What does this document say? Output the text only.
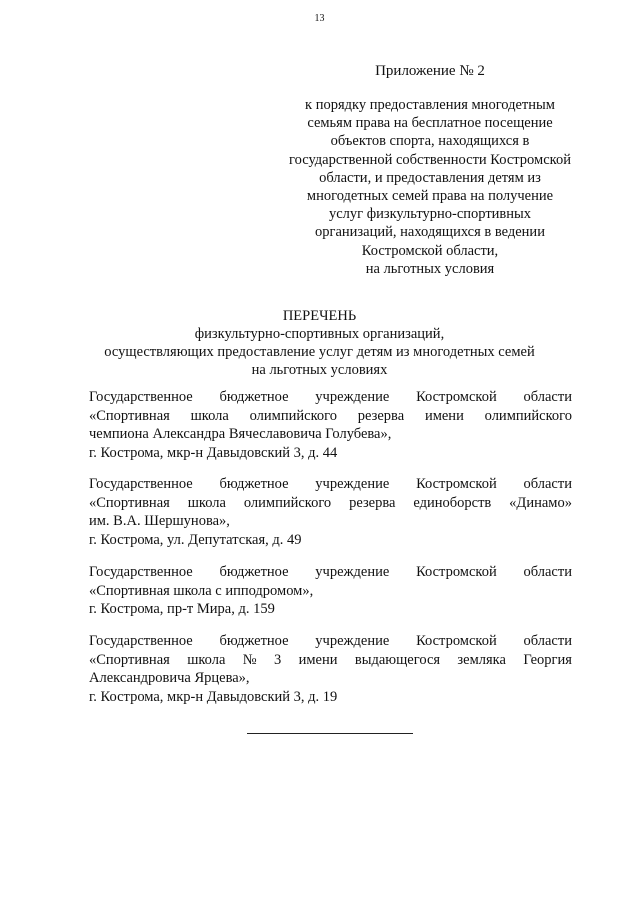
13
Приложение № 2
к порядку предоставления многодетным
семьям права на бесплатное посещение
объектов спорта, находящихся в
государственной собственности Костромской
области, и предоставления детям из
многодетных семей права на получение
услуг физкультурно-спортивных
организаций, находящихся в ведении
Костромской области,
на льготных условия
ПЕРЕЧЕНЬ
физкультурно-спортивных организаций,
осуществляющих предоставление услуг детям из многодетных семей
на льготных условиях
Государственное бюджетное учреждение Костромской области
«Спортивная школа олимпийского резерва имени олимпийского
чемпиона Александра Вячеславовича Голубева»,
г. Кострома, мкр-н Давыдовский 3, д. 44
Государственное бюджетное учреждение Костромской области
«Спортивная школа олимпийского резерва единоборств «Динамо»
им. В.А. Шершунова»,
г. Кострома, ул. Депутатская, д. 49
Государственное бюджетное учреждение Костромской области
«Спортивная школа с ипподромом»,
г. Кострома, пр-т Мира, д. 159
Государственное бюджетное учреждение Костромской области
«Спортивная школа № 3 имени выдающегося земляка Георгия
Александровича Ярцева»,
г. Кострома, мкр-н Давыдовский 3, д. 19
